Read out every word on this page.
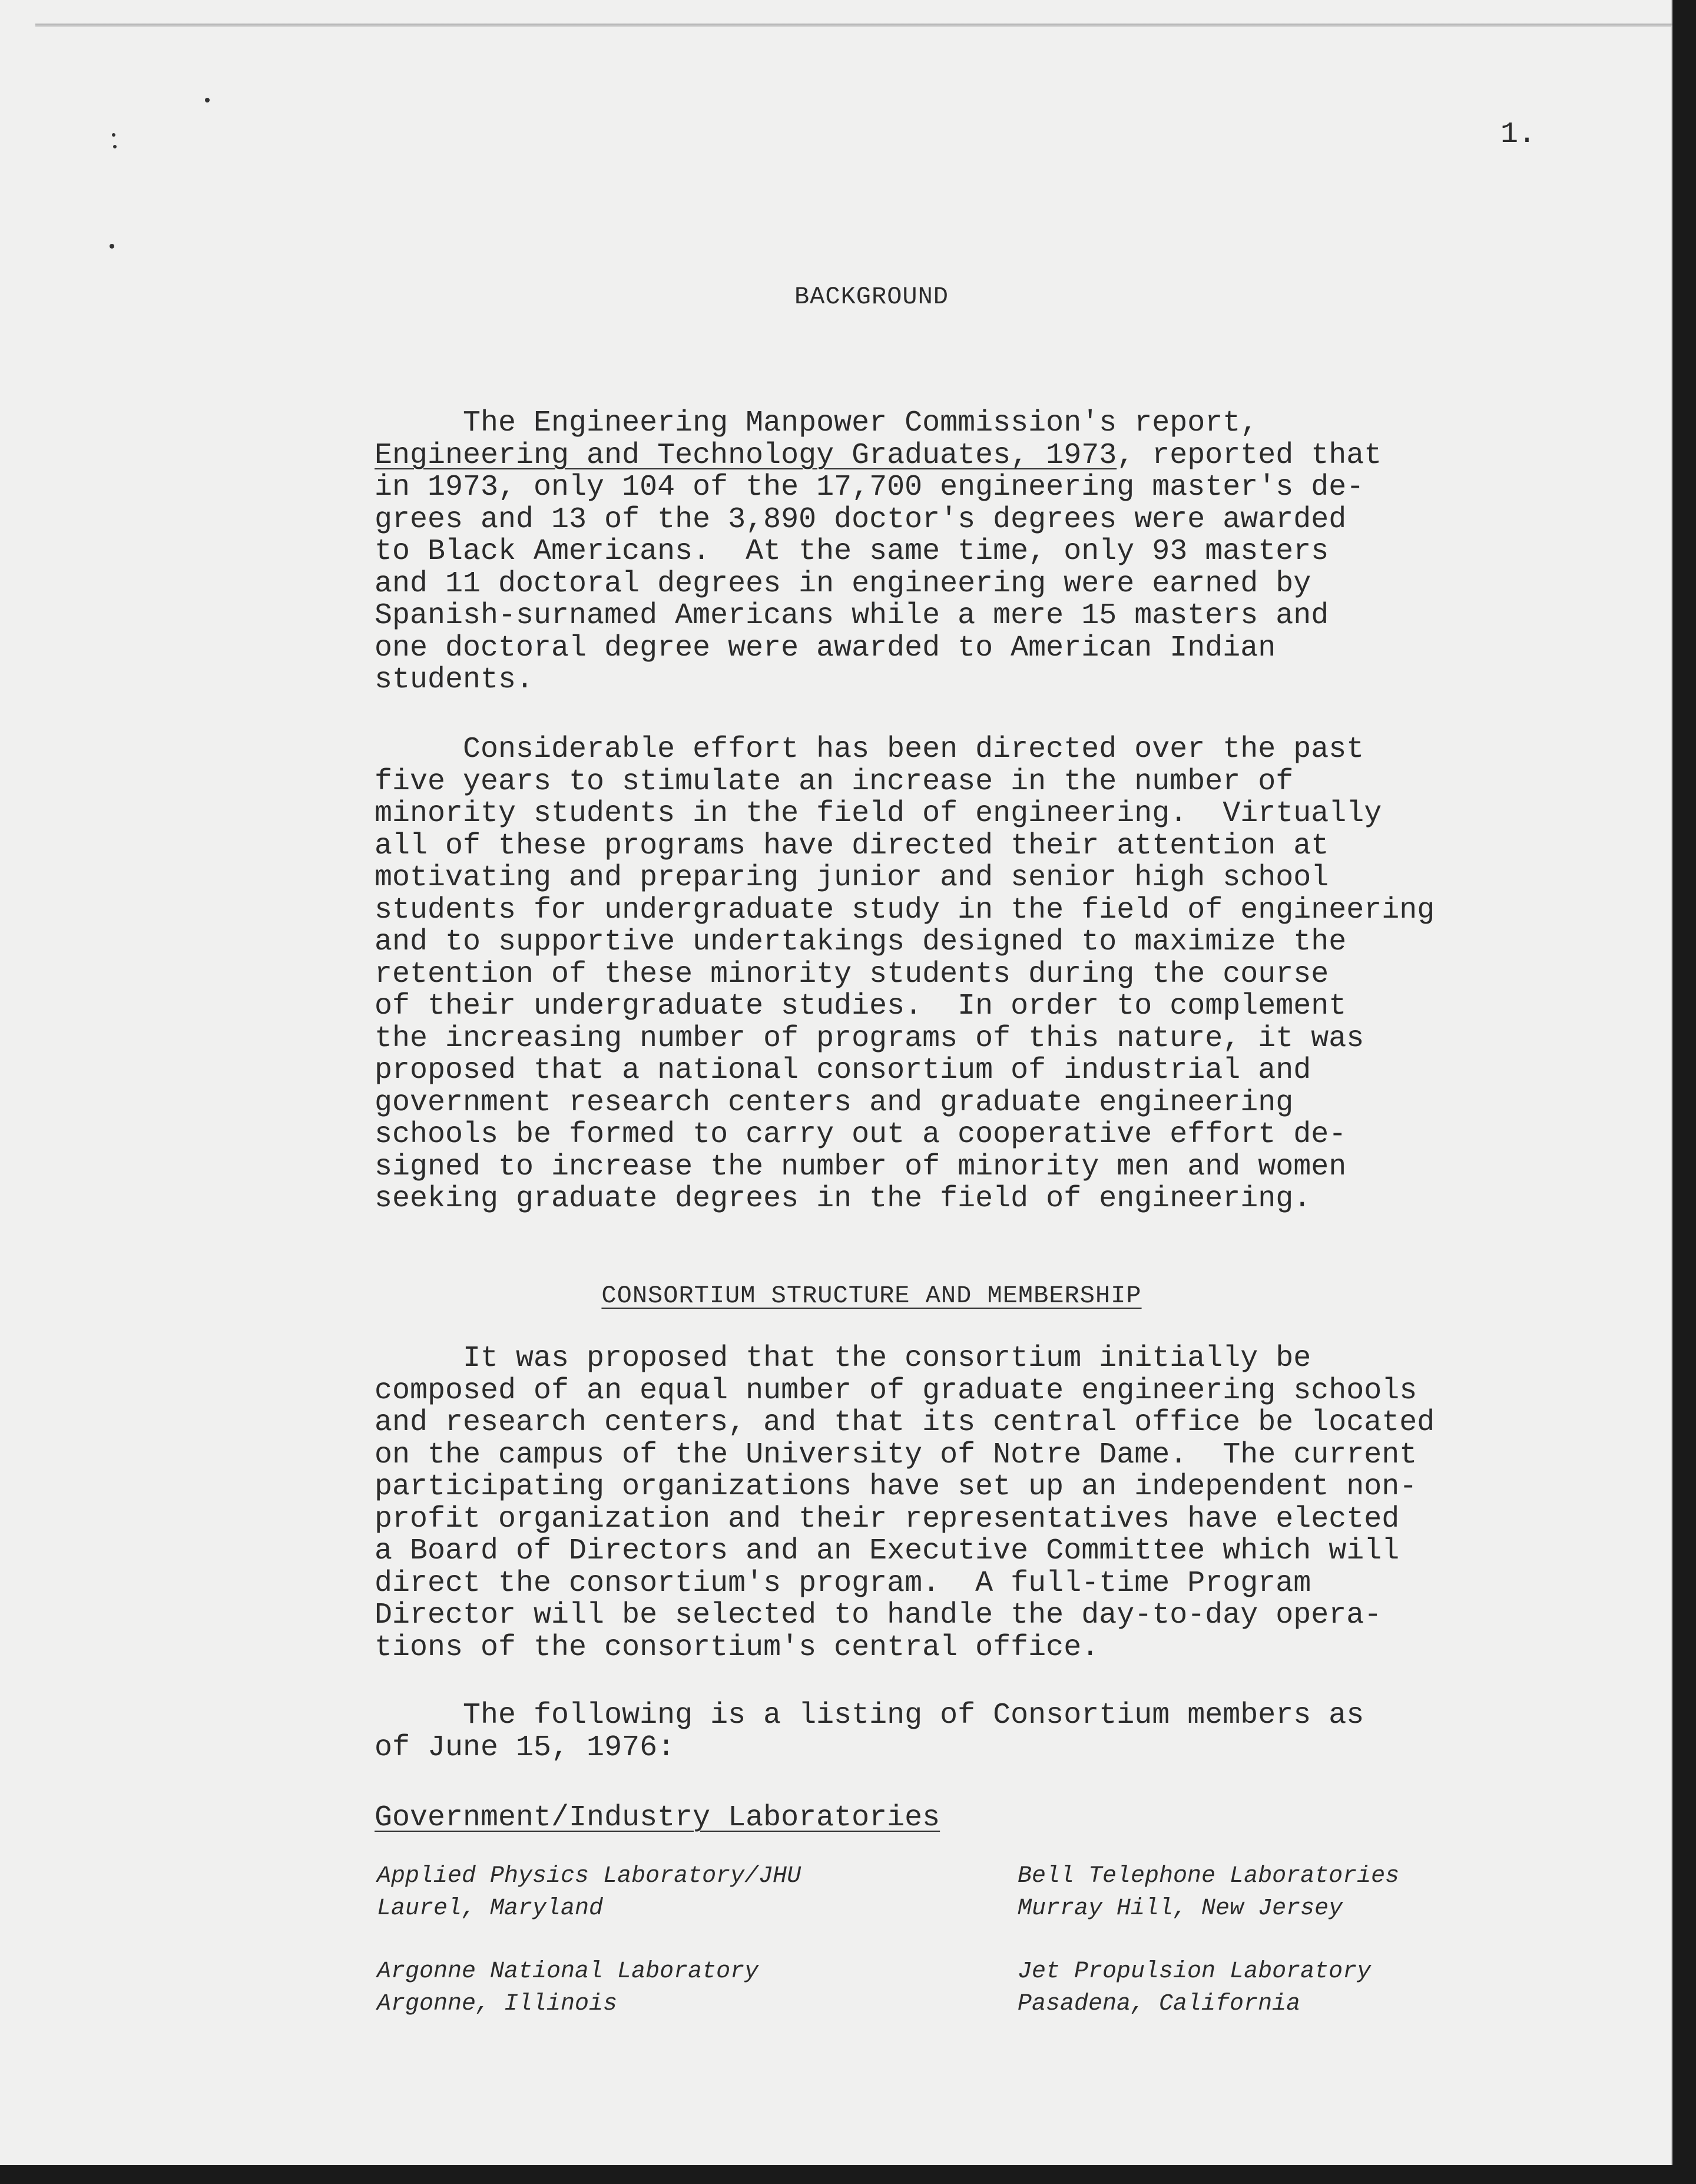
1.
BACKGROUND
The Engineering Manpower Commission's report,
Engineering and Technology Graduates, 1973, reported that
in 1973, only 104 of the 17,700 engineering master's de-
grees and 13 of the 3,890 doctor's degrees were awarded
to Black Americans.  At the same time, only 93 masters
and 11 doctoral degrees in engineering were earned by
Spanish-surnamed Americans while a mere 15 masters and
one doctoral degree were awarded to American Indian
students.
Considerable effort has been directed over the past
five years to stimulate an increase in the number of
minority students in the field of engineering.  Virtually
all of these programs have directed their attention at
motivating and preparing junior and senior high school
students for undergraduate study in the field of engineering
and to supportive undertakings designed to maximize the
retention of these minority students during the course
of their undergraduate studies.  In order to complement
the increasing number of programs of this nature, it was
proposed that a national consortium of industrial and
government research centers and graduate engineering
schools be formed to carry out a cooperative effort de-
signed to increase the number of minority men and women
seeking graduate degrees in the field of engineering.
CONSORTIUM STRUCTURE AND MEMBERSHIP
It was proposed that the consortium initially be
composed of an equal number of graduate engineering schools
and research centers, and that its central office be located
on the campus of the University of Notre Dame.  The current
participating organizations have set up an independent non-
profit organization and their representatives have elected
a Board of Directors and an Executive Committee which will
direct the consortium's program.  A full-time Program
Director will be selected to handle the day-to-day opera-
tions of the consortium's central office.
The following is a listing of Consortium members as
of June 15, 1976:
Government/Industry Laboratories
Applied Physics Laboratory/JHU
Laurel, Maryland
Bell Telephone Laboratories
Murray Hill, New Jersey
Argonne National Laboratory
Argonne, Illinois
Jet Propulsion Laboratory
Pasadena, California
